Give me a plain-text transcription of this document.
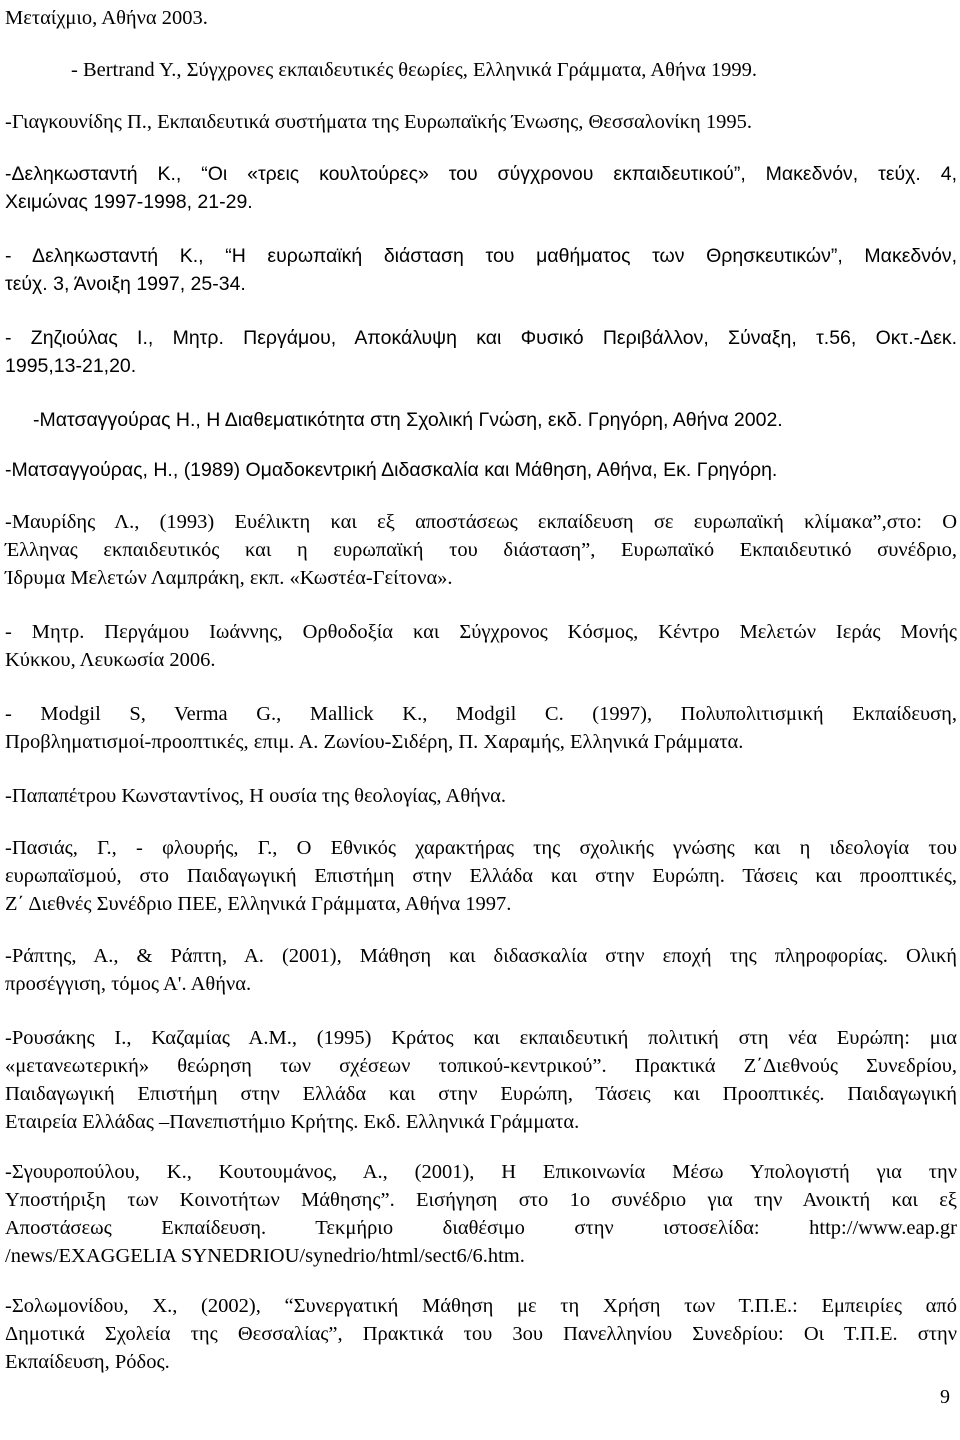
Μεταίχμιο, Αθήνα 2003.
- Bertrand Y., Σύγχρονες εκπαιδευτικές θεωρίες, Ελληνικά Γράμματα, Αθήνα 1999.
-Γιαγκουνίδης Π., Εκπαιδευτικά συστήματα της Ευρωπαϊκής Ένωσης, Θεσσαλονίκη 1995.
-Δεληκωσταντή Κ., “Οι «τρεις κουλτούρες» του σύγχρονου εκπαιδευτικού”, Μακεδνόν, τεύχ. 4,
Χειμώνας 1997-1998, 21-29.
- Δεληκωσταντή Κ., “Η ευρωπαϊκή διάσταση του μαθήματος των Θρησκευτικών”, Μακεδνόν,
τεύχ. 3, Άνοιξη 1997, 25-34.
- Ζηζιούλας Ι., Μητρ. Περγάμου, Αποκάλυψη και Φυσικό Περιβάλλον, Σύναξη, τ.56, Οκτ.-Δεκ.
1995,13-21,20.
-Ματσαγγούρας Η., Η Διαθεματικότητα στη Σχολική Γνώση, εκδ. Γρηγόρη, Αθήνα 2002.
-Ματσαγγούρας, Η., (1989) Ομαδοκεντρική Διδασκαλία και Μάθηση, Αθήνα, Εκ. Γρηγόρη.
-Μαυρίδης Λ., (1993) Ευέλικτη και εξ αποστάσεως εκπαίδευση σε ευρωπαϊκή κλίμακα”,στο: Ο
Έλληνας εκπαιδευτικός και η ευρωπαϊκή του διάσταση”, Ευρωπαϊκό Εκπαιδευτικό συνέδριο,
Ίδρυμα Μελετών Λαμπράκη, εκπ. «Κωστέα-Γείτονα».
- Μητρ. Περγάμου Ιωάννης, Ορθοδοξία και Σύγχρονος Κόσμος, Κέντρο Μελετών Ιεράς Μονής
Κύκκου, Λευκωσία 2006.
- Modgil S, Verma G., Mallick K., Modgil C. (1997), Πολυπολιτισμική Εκπαίδευση,
Προβληματισμοί-προοπτικές, επιμ. Α. Ζωνίου-Σιδέρη, Π. Χαραμής, Ελληνικά Γράμματα.
-Παπαπέτρου Κωνσταντίνος, Η ουσία της θεολογίας, Αθήνα.
-Πασιάς, Γ., - φλουρής, Γ., Ο Εθνικός χαρακτήρας της σχολικής γνώσης και η ιδεολογία του
ευρωπαϊσμού, στο Παιδαγωγική Επιστήμη στην Ελλάδα και στην Ευρώπη. Τάσεις και προοπτικές,
Ζ΄ Διεθνές Συνέδριο ΠΕΕ, Ελληνικά Γράμματα, Αθήνα 1997.
-Ράπτης, Α., & Ράπτη, Α. (2001), Μάθηση και διδασκαλία στην εποχή της πληροφορίας. Ολική
προσέγγιση, τόμος Α'. Αθήνα.
-Ρουσάκης Ι., Καζαμίας Α.Μ., (1995) Κράτος και εκπαιδευτική πολιτική στη νέα Ευρώπη: μια
«μετανεωτερική» θεώρηση των σχέσεων τοπικού-κεντρικού”. Πρακτικά Ζ΄Διεθνούς Συνεδρίου,
Παιδαγωγική Επιστήμη στην Ελλάδα και στην Ευρώπη, Τάσεις και Προοπτικές. Παιδαγωγική
Εταιρεία Ελλάδας –Πανεπιστήμιο Κρήτης. Εκδ. Ελληνικά Γράμματα.
-Σγουροπούλου, Κ., Κουτουμάνος, Α., (2001), Η Επικοινωνία Μέσω Υπολογιστή για την
Υποστήριξη των Κοινοτήτων Μάθησης”. Εισήγηση στο 1ο συνέδριο για την Ανοικτή και εξ
Αποστάσεως Εκπαίδευση. Τεκμήριο διαθέσιμο στην ιστοσελίδα: http://www.eap.gr
/news/EXAGGELIA SYNEDRIOU/synedrio/html/sect6/6.htm.
-Σολωμονίδου, Χ., (2002), “Συνεργατική Μάθηση με τη Χρήση των Τ.Π.Ε.: Εμπειρίες από
Δημοτικά Σχολεία της Θεσσαλίας”, Πρακτικά του 3ου Πανελληνίου Συνεδρίου: Οι Τ.Π.Ε. στην
Εκπαίδευση, Ρόδος.
9
